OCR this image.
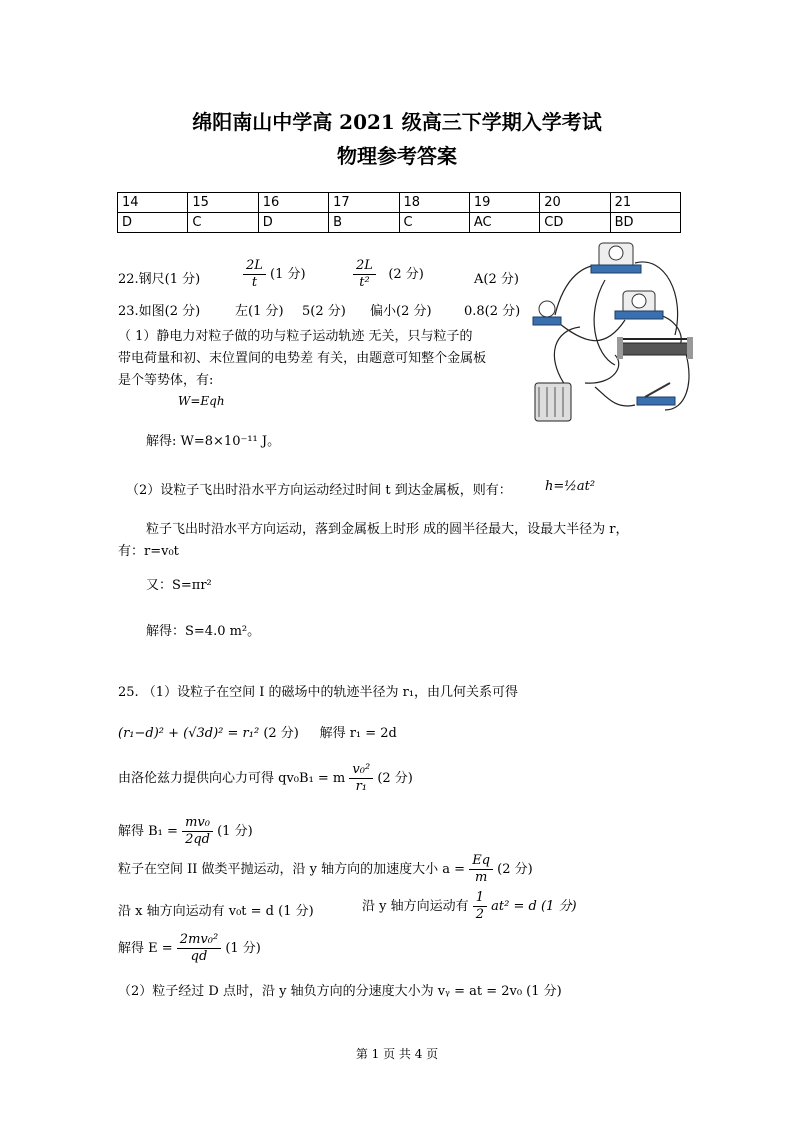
绵阳南山中学高 2021 级高三下学期入学考试
物理参考答案
14	15	16	17	18	19	20	21
D	C	D	B	C	AC	CD	BD
22.钢尺(1 分)	$\frac{2L}{t} (1$ 分)	$\frac{2L}{\text{t²}} (2$ 分)	A(2 分)
23.如图(2 分)	左(1 分) 5(2 分) 偏小(2 分) 0.8(2 分)
（ 1）静电力对粒子做的功与粒子运动轨迹 无关，只与粒子的
带电荷量和初、末位置间的电势差 有关，由题意可知整个金属板
是个等势体，有:
W=Eqh
解得: W=8×10⁻¹¹ J。
（2）设粒子飞出时沿水平方向运动经过时间 t 到达金属板，则有：	h=½at²
粒子飞出时沿水平方向运动，落到金属板上时形 成的圆半径最大，设最大半径为 r，
有：r=v₀t
又：S=πr²
解得：S=4.0 m²。
25. （1）设粒子在空间 I 的磁场中的轨迹半径为 r₁，由几何关系可得
(r₁−d)² + (√3d)² = r₁² (2 分) 解得 r₁ = 2d
由洛伦兹力提供向心力可得 qv₀B₁ = m $\frac{\text{v₀²}}{\text{r₁}} (2$ 分)
解得 $B_1 = \frac{\text{mv₀}}{2qd} (1$ 分)
粒子在空间 II 做类平抛运动，沿 y 轴方向的加速度大小 $a = \frac{Eq}{m} (2$ 分)
沿 x 轴方向运动有 v₀t = d (1 分)	沿 y 轴方向运动有 $\frac{1}{2} at^2 = d$ (1 分)
解得 $E = \frac{\text{2mv₀²}}{qd} (1$ 分)
（2）粒子经过 D 点时，沿 y 轴负方向的分速度大小为 vᵧ = at = 2v₀ (1 分)
第 1 页 共 4 页
